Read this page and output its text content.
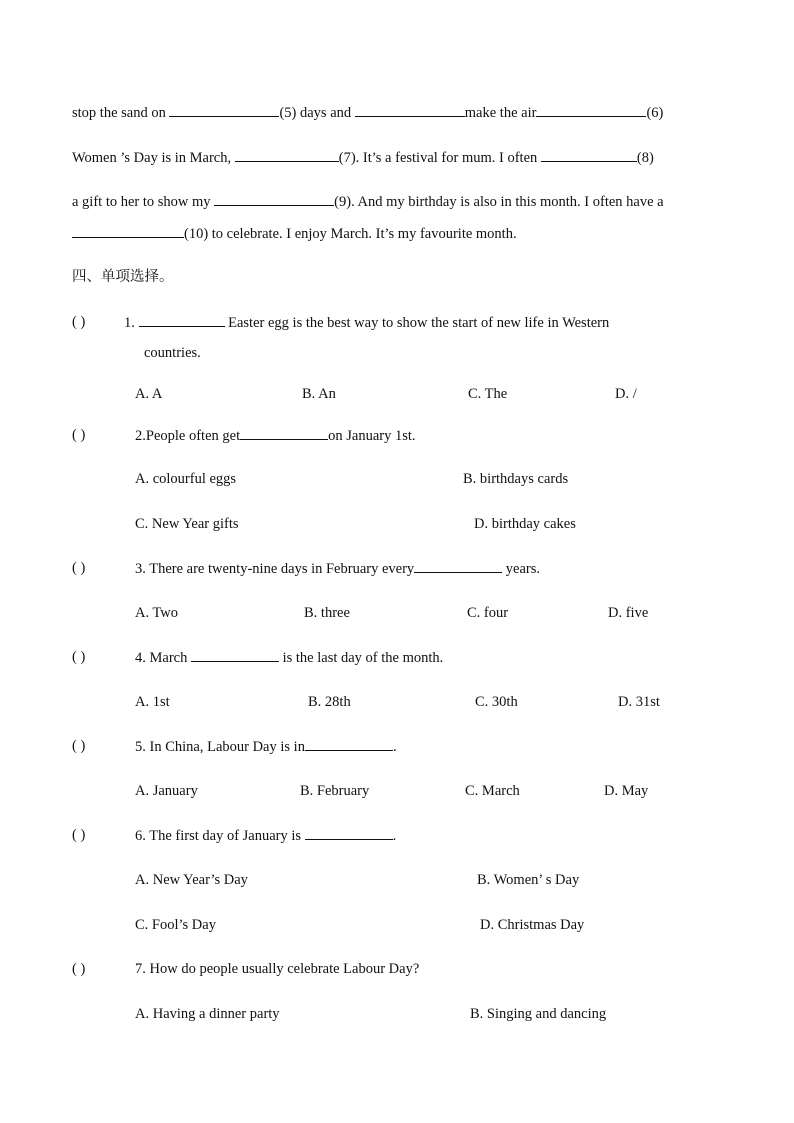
stop the sand on	(5) days and	make the air	(6)
Women ’s Day is in March,	(7). It’s a festival for mum. I often	(8)
a gift to her to show my	(9). And my birthday is also in this month. I often have a
(10) to celebrate. I enjoy March. It’s my favourite month.
四、单项选择。
( )	1.	Easter egg is the best way to show the start of new life in Western
countries.
A. A	B. An	C. The	D. /
( )	2.People often get	on January 1st.
A. colourful eggs	B. birthdays cards
C. New Year gifts	D. birthday cakes
( )	3. There are twenty-nine days in February every	years.
A. Two	B. three	C. four	D. five
( )	4. March	is the last day of the month.
A. 1st	B. 28th	C. 30th	D. 31st
( )	5. In China, Labour Day is in	.
A. January	B. February	C. March	D. May
( )	6. The first day of January is	.
A. New Year’s Day	B. Women’ s Day
C. Fool’s Day	D. Christmas Day
( )	7. How do people usually celebrate Labour Day?
A. Having a dinner party	B. Singing and dancing
